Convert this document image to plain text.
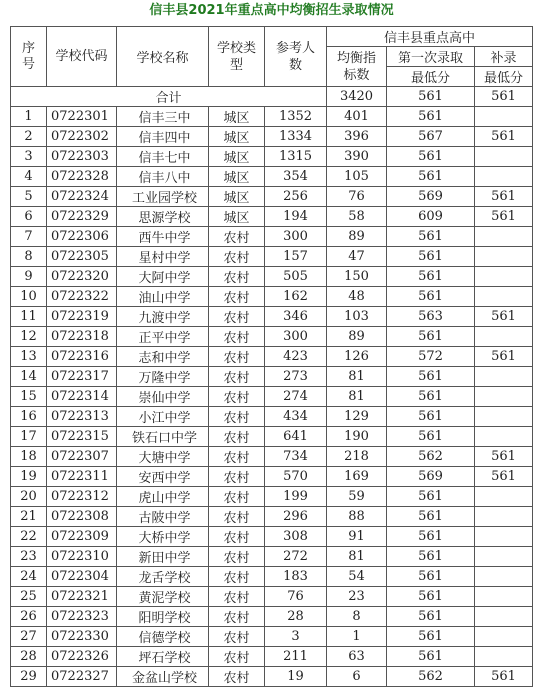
信丰县2021年重点高中均衡招生录取情况
序号	学校代码	学校名称	学校类型	参考人数	信丰县重点高中		

					均衡指标数	第一次录取	补录
						最低分	最低分
合计					3420	561	561
1	0722301	信丰三中	城区	1352	401	561	
2	0722302	信丰四中	城区	1334	396	567	561
3	0722303	信丰七中	城区	1315	390	561	
4	0722328	信丰八中	城区	354	105	561	
5	0722324	工业园学校	城区	256	76	569	561
6	0722329	思源学校	城区	194	58	609	561
7	0722306	西牛中学	农村	300	89	561	
8	0722305	星村中学	农村	157	47	561	
9	0722320	大阿中学	农村	505	150	561	
10	0722322	油山中学	农村	162	48	561	
11	0722319	九渡中学	农村	346	103	563	561
12	0722318	正平中学	农村	300	89	561	
13	0722316	志和中学	农村	423	126	572	561
14	0722317	万隆中学	农村	273	81	561	
15	0722314	崇仙中学	农村	274	81	561	
16	0722313	小江中学	农村	434	129	561	
17	0722315	铁石口中学	农村	641	190	561	
18	0722307	大塘中学	农村	734	218	562	561
19	0722311	安西中学	农村	570	169	569	561
20	0722312	虎山中学	农村	199	59	561	
21	0722308	古陂中学	农村	296	88	561	
22	0722309	大桥中学	农村	308	91	561	
23	0722310	新田中学	农村	272	81	561	
24	0722304	龙舌学校	农村	183	54	561	
25	0722321	黄泥学校	农村	76	23	561	
26	0722323	阳明学校	农村	28	8	561	
27	0722330	信德学校	农村	3	1	561	
28	0722326	坪石学校	农村	211	63	561	
29	0722327	金盆山学校	农村	19	6	562	561
